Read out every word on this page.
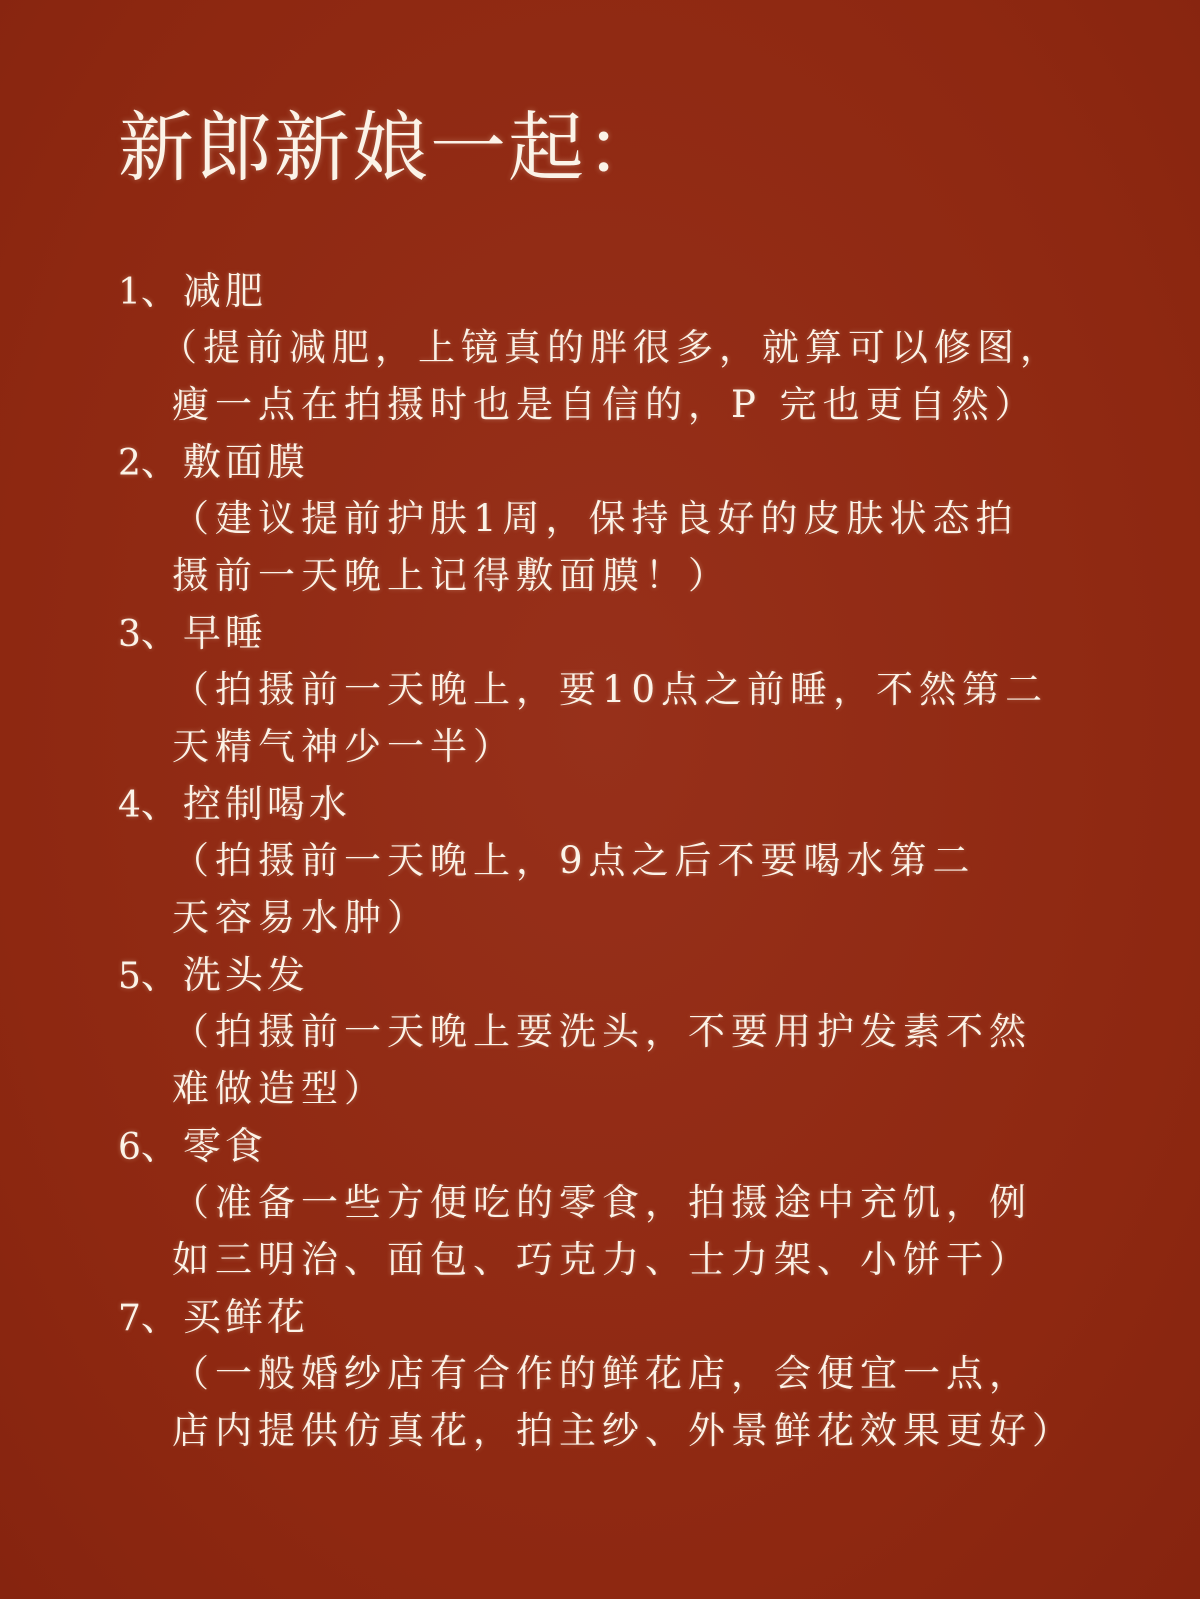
新郎新娘一起：
1 、 减肥
（提前减肥，上镜真的胖很多，就算可以修图，
瘦一点在拍摄时也是自信的，P 完也更自然）
2 、 敷面膜
（建议提前护肤1周，保持良好的皮肤状态拍
摄前一天晚上记得敷面膜！）
3 、 早睡
（拍摄前一天晚上，要10点之前睡，不然第二
天精气神少一半）
4 、 控制喝水
（拍摄前一天晚上，9点之后不要喝水第二
天容易水肿）
5 、 洗头发
（拍摄前一天晚上要洗头，不要用护发素不然
难做造型）
6 、 零食
（准备一些方便吃的零食，拍摄途中充饥，例
如三明治、面包、巧克力、士力架、小饼干）
7 、 买鲜花
（一般婚纱店有合作的鲜花店，会便宜一点，
店内提供仿真花，拍主纱、外景鲜花效果更好）
